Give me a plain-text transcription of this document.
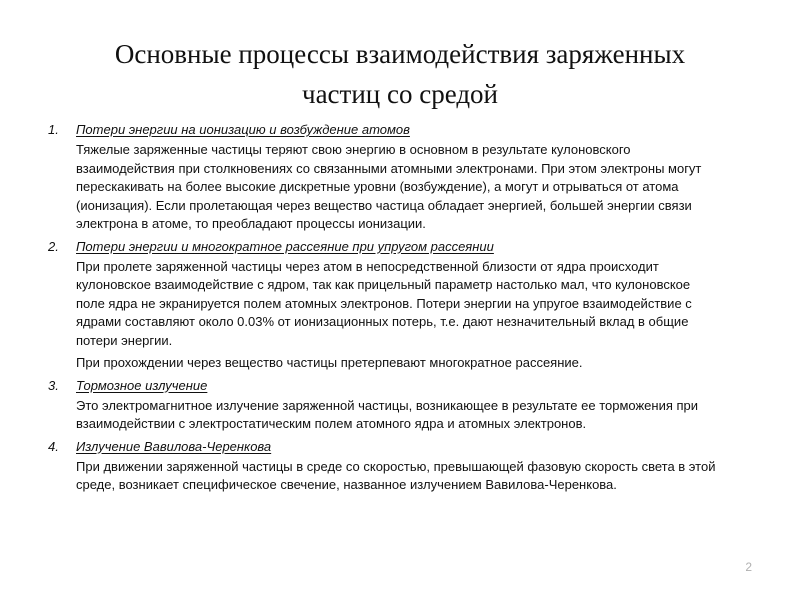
Основные процессы взаимодействия заряженных
частиц со средой
1. Потери энергии на ионизацию и возбуждение атомов

Тяжелые заряженные частицы теряют свою энергию в основном в результате кулоновского взаимодействия при столкновениях со связанными атомными электронами. При этом электроны могут перескакивать на более высокие дискретные уровни (возбуждение), а могут и отрываться от атома (ионизация). Если пролетающая через вещество частица обладает энергией, большей энергии связи электрона в атоме, то преобладают процессы ионизации.

2. Потери энергии и многократное рассеяние при упругом рассеянии

При пролете заряженной частицы через атом в непосредственной близости от ядра происходит кулоновское взаимодействие с ядром, так как прицельный параметр настолько мал, что кулоновское поле ядра не экранируется полем атомных электронов. Потери энергии на упругое взаимодействие с ядрами составляют около 0.03% от ионизационных потерь, т.е. дают незначительный вклад в общие потери энергии.

При прохождении через вещество частицы претерпевают многократное рассеяние.

3. Тормозное излучение

Это электромагнитное излучение заряженной частицы, возникающее в результате ее торможения при взаимодействии с электростатическим полем атомного ядра и атомных электронов.

4. Излучение Вавилова-Черенкова

При движении заряженной частицы в среде со скоростью, превышающей фазовую скорость света в этой среде, возникает специфическое свечение, названное излучением Вавилова-Черенкова.

2
